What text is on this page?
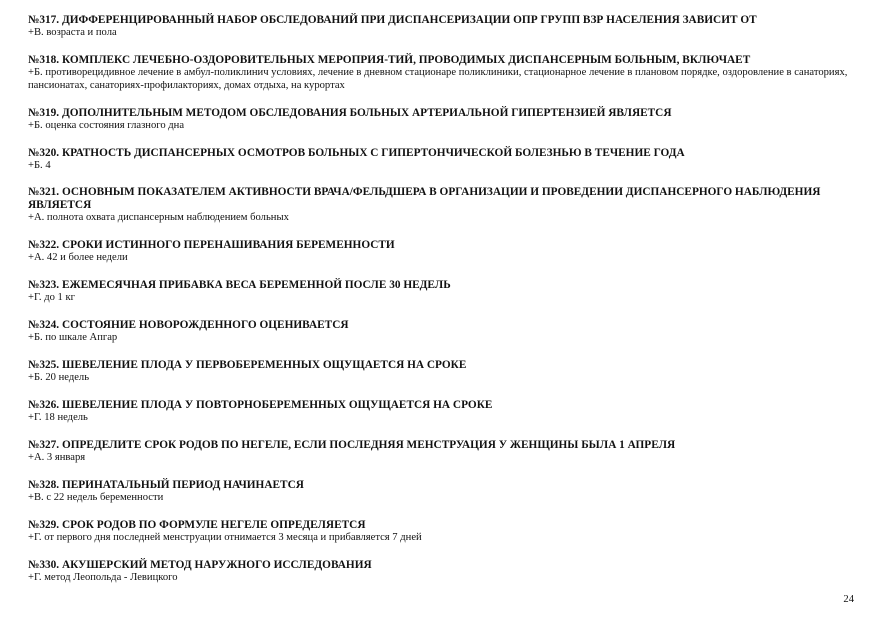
№317. ДИФФЕРЕНЦИРОВАННЫЙ НАБОР ОБСЛЕДОВАНИЙ ПРИ ДИСПАНСЕРИЗАЦИИ ОПР ГРУПП ВЗР НАСЕЛЕНИЯ ЗАВИСИТ ОТ
+В. возраста и пола
№318. КОМПЛЕКС ЛЕЧЕБНО-ОЗДОРОВИТЕЛЬНЫХ МЕРОПРИЯ-ТИЙ, ПРОВОДИМЫХ ДИСПАНСЕРНЫМ БОЛЬНЫМ, ВКЛЮЧАЕТ
+Б. противорецидивное лечение в амбул-поликлинич условиях, лечение в дневном стационаре поликлиники, стационарное лечение в плановом порядке, оздоровление в санаториях, пансионатах, санаториях-профилакториях, домах отдыха, на курортах
№319. ДОПОЛНИТЕЛЬНЫМ МЕТОДОМ ОБСЛЕДОВАНИЯ БОЛЬНЫХ АРТЕРИАЛЬНОЙ ГИПЕРТЕНЗИЕЙ ЯВЛЯЕТСЯ
+Б. оценка состояния глазного дна
№320. КРАТНОСТЬ ДИСПАНСЕРНЫХ ОСМОТРОВ БОЛЬНЫХ С ГИПЕРТОНЧИЧЕСКОЙ БОЛЕЗНЬЮ В ТЕЧЕНИЕ ГОДА
+Б. 4
№321. ОСНОВНЫМ ПОКАЗАТЕЛЕМ АКТИВНОСТИ ВРАЧА/ФЕЛЬДШЕРА В ОРГАНИЗАЦИИ И ПРОВЕДЕНИИ ДИСПАНСЕРНОГО НАБЛЮДЕНИЯ ЯВЛЯЕТСЯ
+А. полнота охвата диспансерным наблюдением больных
№322. СРОКИ ИСТИННОГО ПЕРЕНАШИВАНИЯ БЕРЕМЕННОСТИ
+А. 42 и более недели
№323. ЕЖЕМЕСЯЧНАЯ ПРИБАВКА ВЕСА БЕРЕМЕННОЙ ПОСЛЕ 30 НЕДЕЛЬ
+Г. до 1 кг
№324. СОСТОЯНИЕ НОВОРОЖДЕННОГО ОЦЕНИВАЕТСЯ
+Б. по шкале Апгар
№325. ШЕВЕЛЕНИЕ ПЛОДА У ПЕРВОБЕРЕМЕННЫХ ОЩУЩАЕТСЯ НА СРОКЕ
+Б. 20 недель
№326. ШЕВЕЛЕНИЕ ПЛОДА У ПОВТОРНОБЕРЕМЕННЫХ ОЩУЩАЕТСЯ НА СРОКЕ
+Г. 18 недель
№327. ОПРЕДЕЛИТЕ СРОК РОДОВ ПО НЕГЕЛЕ, ЕСЛИ ПОСЛЕДНЯЯ МЕНСТРУАЦИЯ У ЖЕНЩИНЫ БЫЛА 1 АПРЕЛЯ
+А. 3 января
№328. ПЕРИНАТАЛЬНЫЙ ПЕРИОД НАЧИНАЕТСЯ
+В. с 22 недель беременности
№329. СРОК РОДОВ ПО ФОРМУЛЕ НЕГЕЛЕ ОПРЕДЕЛЯЕТСЯ
+Г. от первого дня последней менструации отнимается 3 месяца и прибавляется 7 дней
№330. АКУШЕРСКИЙ МЕТОД НАРУЖНОГО ИССЛЕДОВАНИЯ
+Г. метод Леопольда - Левицкого
24
